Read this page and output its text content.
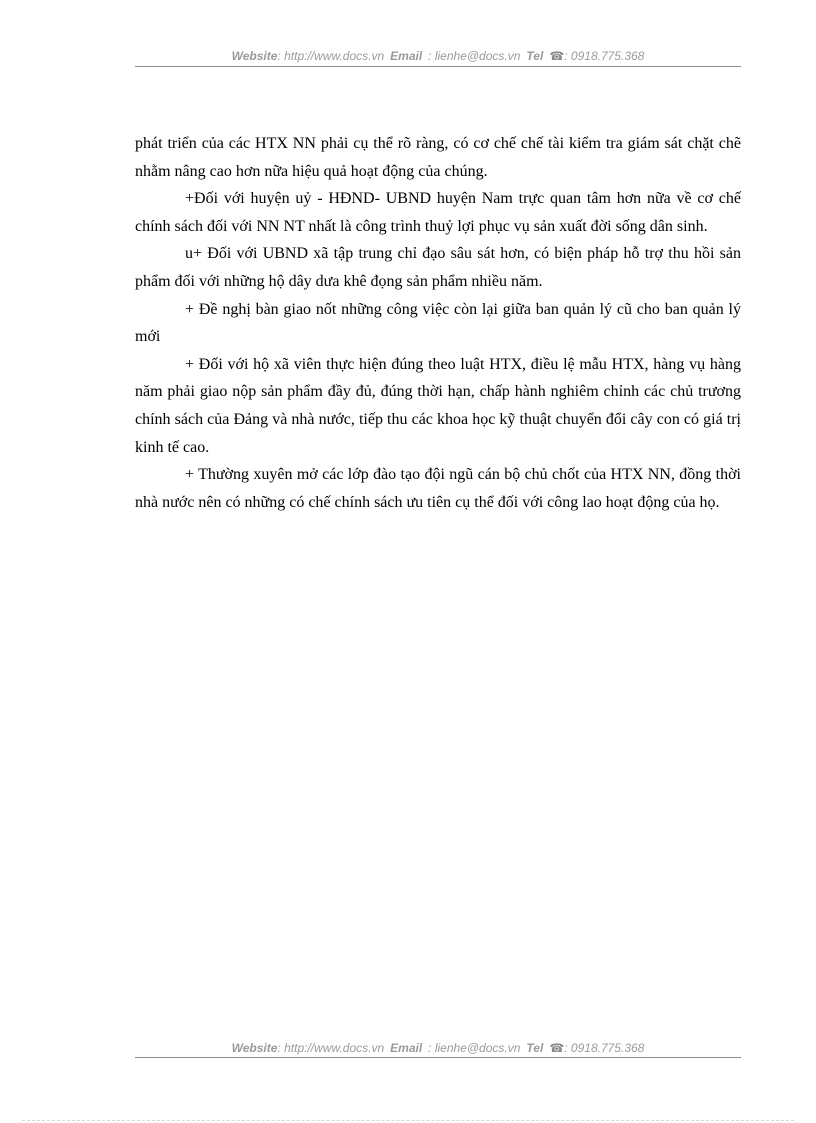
Website: http://www.docs.vn Email : lienhe@docs.vn Tel ☎: 0918.775.368

phát triển của các HTX NN phải cụ thể rõ ràng, có cơ chế chế tài kiểm tra giám sát chặt chẽ nhằm nâng cao hơn nữa hiệu quả hoạt động của chúng.

+Đối với huyện uỷ - HĐND- UBND huyện Nam trực quan tâm hơn nữa về cơ chế chính sách đối với NN NT nhất là công trình thuỷ lợi phục vụ sản xuất đời sống dân sinh.

u+ Đối với UBND xã tập trung chỉ đạo sâu sát hơn, có biện pháp hỗ trợ thu hồi sản phẩm đối với những hộ dây dưa khê đọng sản phẩm nhiều năm.

+ Đề nghị bàn giao nốt những công việc còn lại giữa ban quản lý cũ cho ban quản lý mới

+ Đối với hộ xã viên thực hiện đúng theo luật HTX, điều lệ mẫu HTX, hàng vụ hàng năm phải giao nộp sản phẩm đầy đủ, đúng thời hạn, chấp hành nghiêm chỉnh các chủ trương chính sách của Đảng và nhà nước, tiếp thu các khoa học kỹ thuật chuyển đổi cây con có giá trị kinh tế cao.

+ Thường xuyên mở các lớp đào tạo đội ngũ cán bộ chủ chốt của HTX NN, đồng thời nhà nước nên có những có chế chính sách ưu tiên cụ thể đối với công lao hoạt động của họ.

Website: http://www.docs.vn Email : lienhe@docs.vn Tel ☎: 0918.775.368
